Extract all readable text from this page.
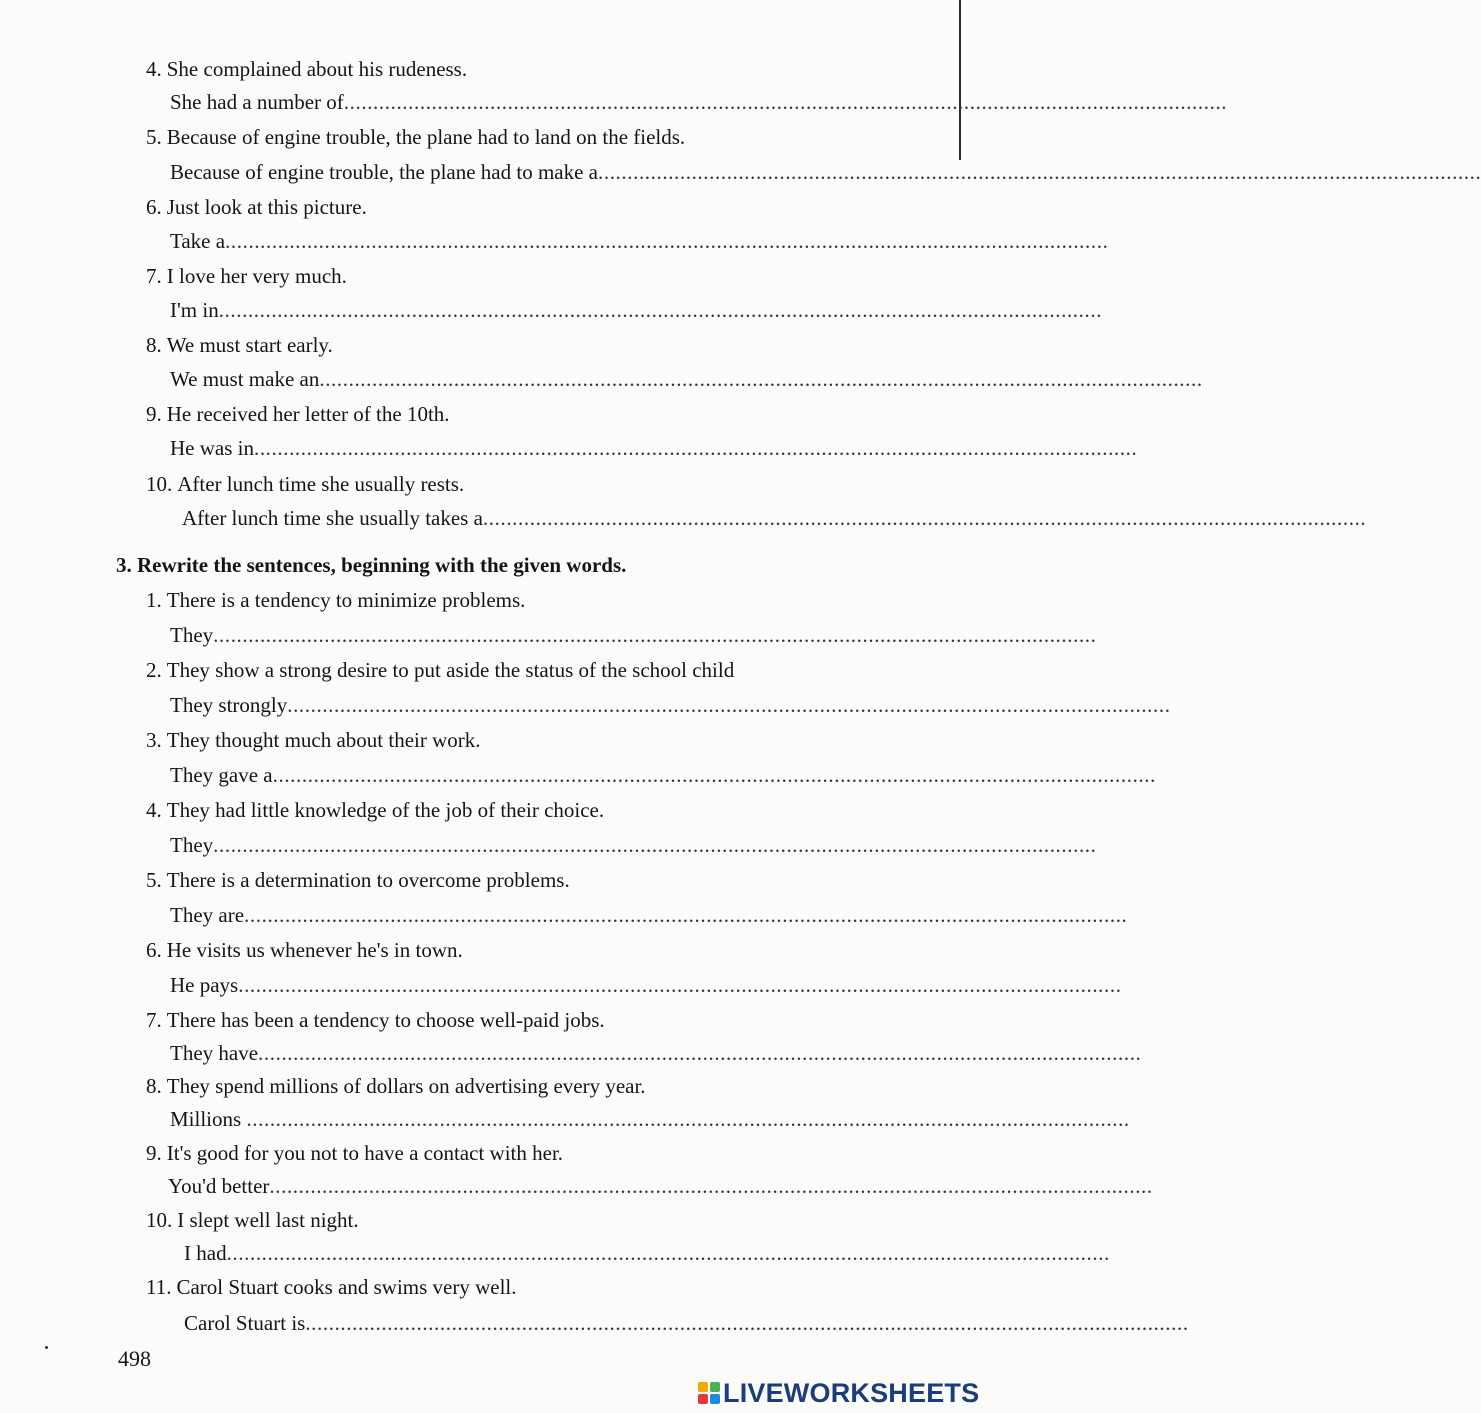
4. She complained about his rudeness.
She had a number of .......................................................................................................................................................
5. Because of engine trouble, the plane had to land on the fields.
Because of engine trouble, the plane had to make a .......................................................................................................................................................
6. Just look at this picture.
Take a .......................................................................................................................................................
7. I love her very much.
I'm in .......................................................................................................................................................
8. We must start early.
We must make an .......................................................................................................................................................
9. He received her letter of the 10th.
He was in .......................................................................................................................................................
10. After lunch time she usually rests.
After lunch time she usually takes a .......................................................................................................................................................
3. Rewrite the sentences, beginning with the given words.
1. There is a tendency to minimize problems.
They .......................................................................................................................................................
2. They show a strong desire to put aside the status of the school child
They strongly .......................................................................................................................................................
3. They thought much about their work.
They gave a .......................................................................................................................................................
4. They had little knowledge of the job of their choice.
They .......................................................................................................................................................
5. There is a determination to overcome problems.
They are .......................................................................................................................................................
6. He visits us whenever he's in town.
He pays .......................................................................................................................................................
7. There has been a tendency to choose well-paid jobs.
They have .......................................................................................................................................................
8. They spend millions of dollars on advertising every year.
Millions
.......................................................................................................................................................
9. It's good for you not to have a contact with her.
You'd better .......................................................................................................................................................
10. I slept well last night.
I had .......................................................................................................................................................
11. Carol Stuart cooks and swims very well.
Carol Stuart is .......................................................................................................................................................
498
LIVEWORKSHEETS
